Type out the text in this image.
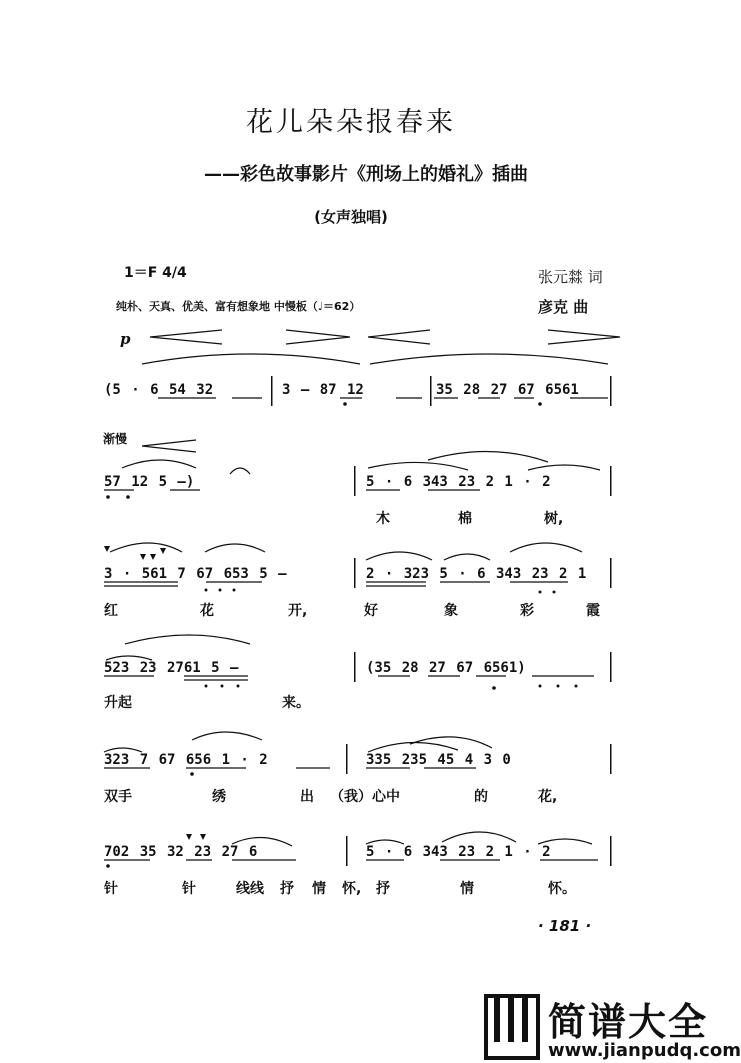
花儿朵朵报春来
——彩色故事影片《刑场上的婚礼》插曲
(女声独唱)
1＝F 4/4	张元㵘 词
彦克 曲
纯朴、天真、优美、富有想象地 中慢板（♩＝62）
p
渐慢
(5 · 6 54 32	3 — 87 12	35 28 27 67 6561
57 12 5 —)	5 · 6 343 23 2 1 · 2
木	棉	树,
3 · 561 7 67 653 5 —	2 · 323 5 · 6 343 23 2 1
红	花	开,	好	象	彩	霞
523 23 2761 5 —	(35 28 27 67 6561)
升起	来。
323 7 67 656 1 · 2	335 235 45 4 3 0
双手	绣	出 （我）心中	的	花,
702 35 32 23 27 6	5 · 6 343 23 2 1 · 2
针	针	线线 抒 情 怀, 抒	情	怀。
· 181 ·
简谱大全
www.jianpudq.com
